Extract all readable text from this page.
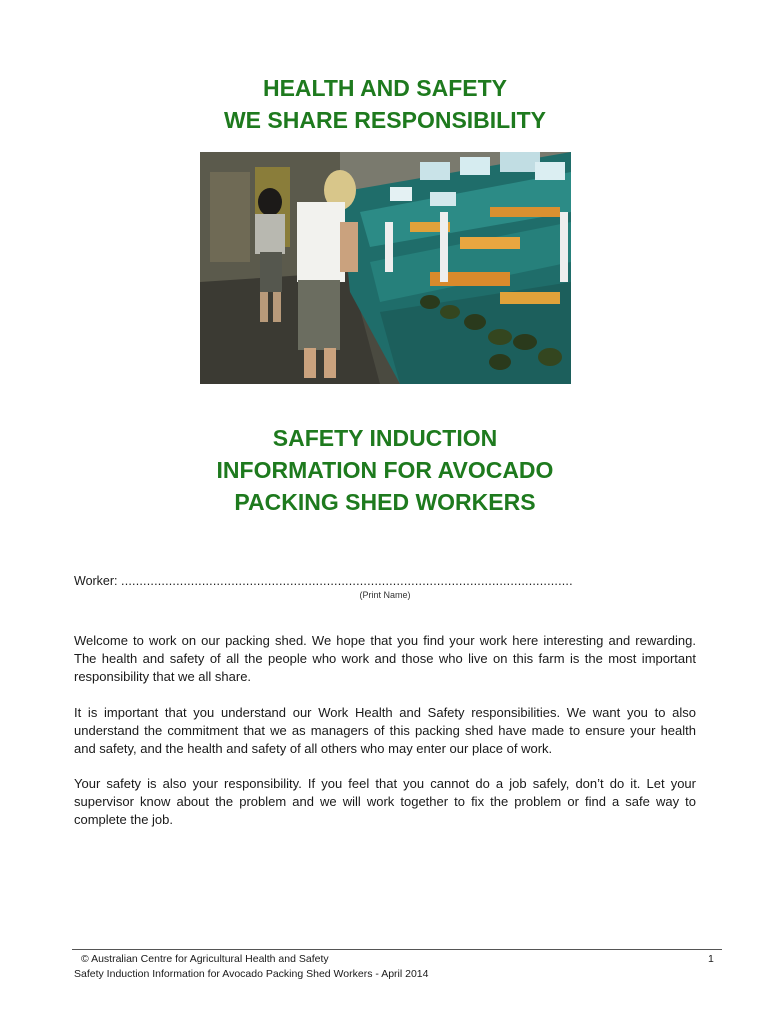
HEALTH AND SAFETY
WE SHARE RESPONSIBILITY
SAFETY INDUCTION
INFORMATION FOR AVOCADO
PACKING SHED WORKERS
Worker: ...........................................................................................................................
(Print Name)

Welcome to work on our packing shed. We hope that you find your work here interesting and rewarding. The health and safety of all the people who work and those who live on this farm is the most important responsibility that we all share.

It is important that you understand our Work Health and Safety responsibilities. We want you to also understand the commitment that we as managers of this packing shed have made to ensure your health and safety, and the health and safety of all others who may enter our place of work.

Your safety is also your responsibility. If you feel that you cannot do a job safely, don’t do it. Let your supervisor know about the problem and we will work together to fix the problem or find a safe way to complete the job.

© Australian Centre for Agricultural Health and Safety
Safety Induction Information for Avocado Packing Shed Workers - April 2014
1
